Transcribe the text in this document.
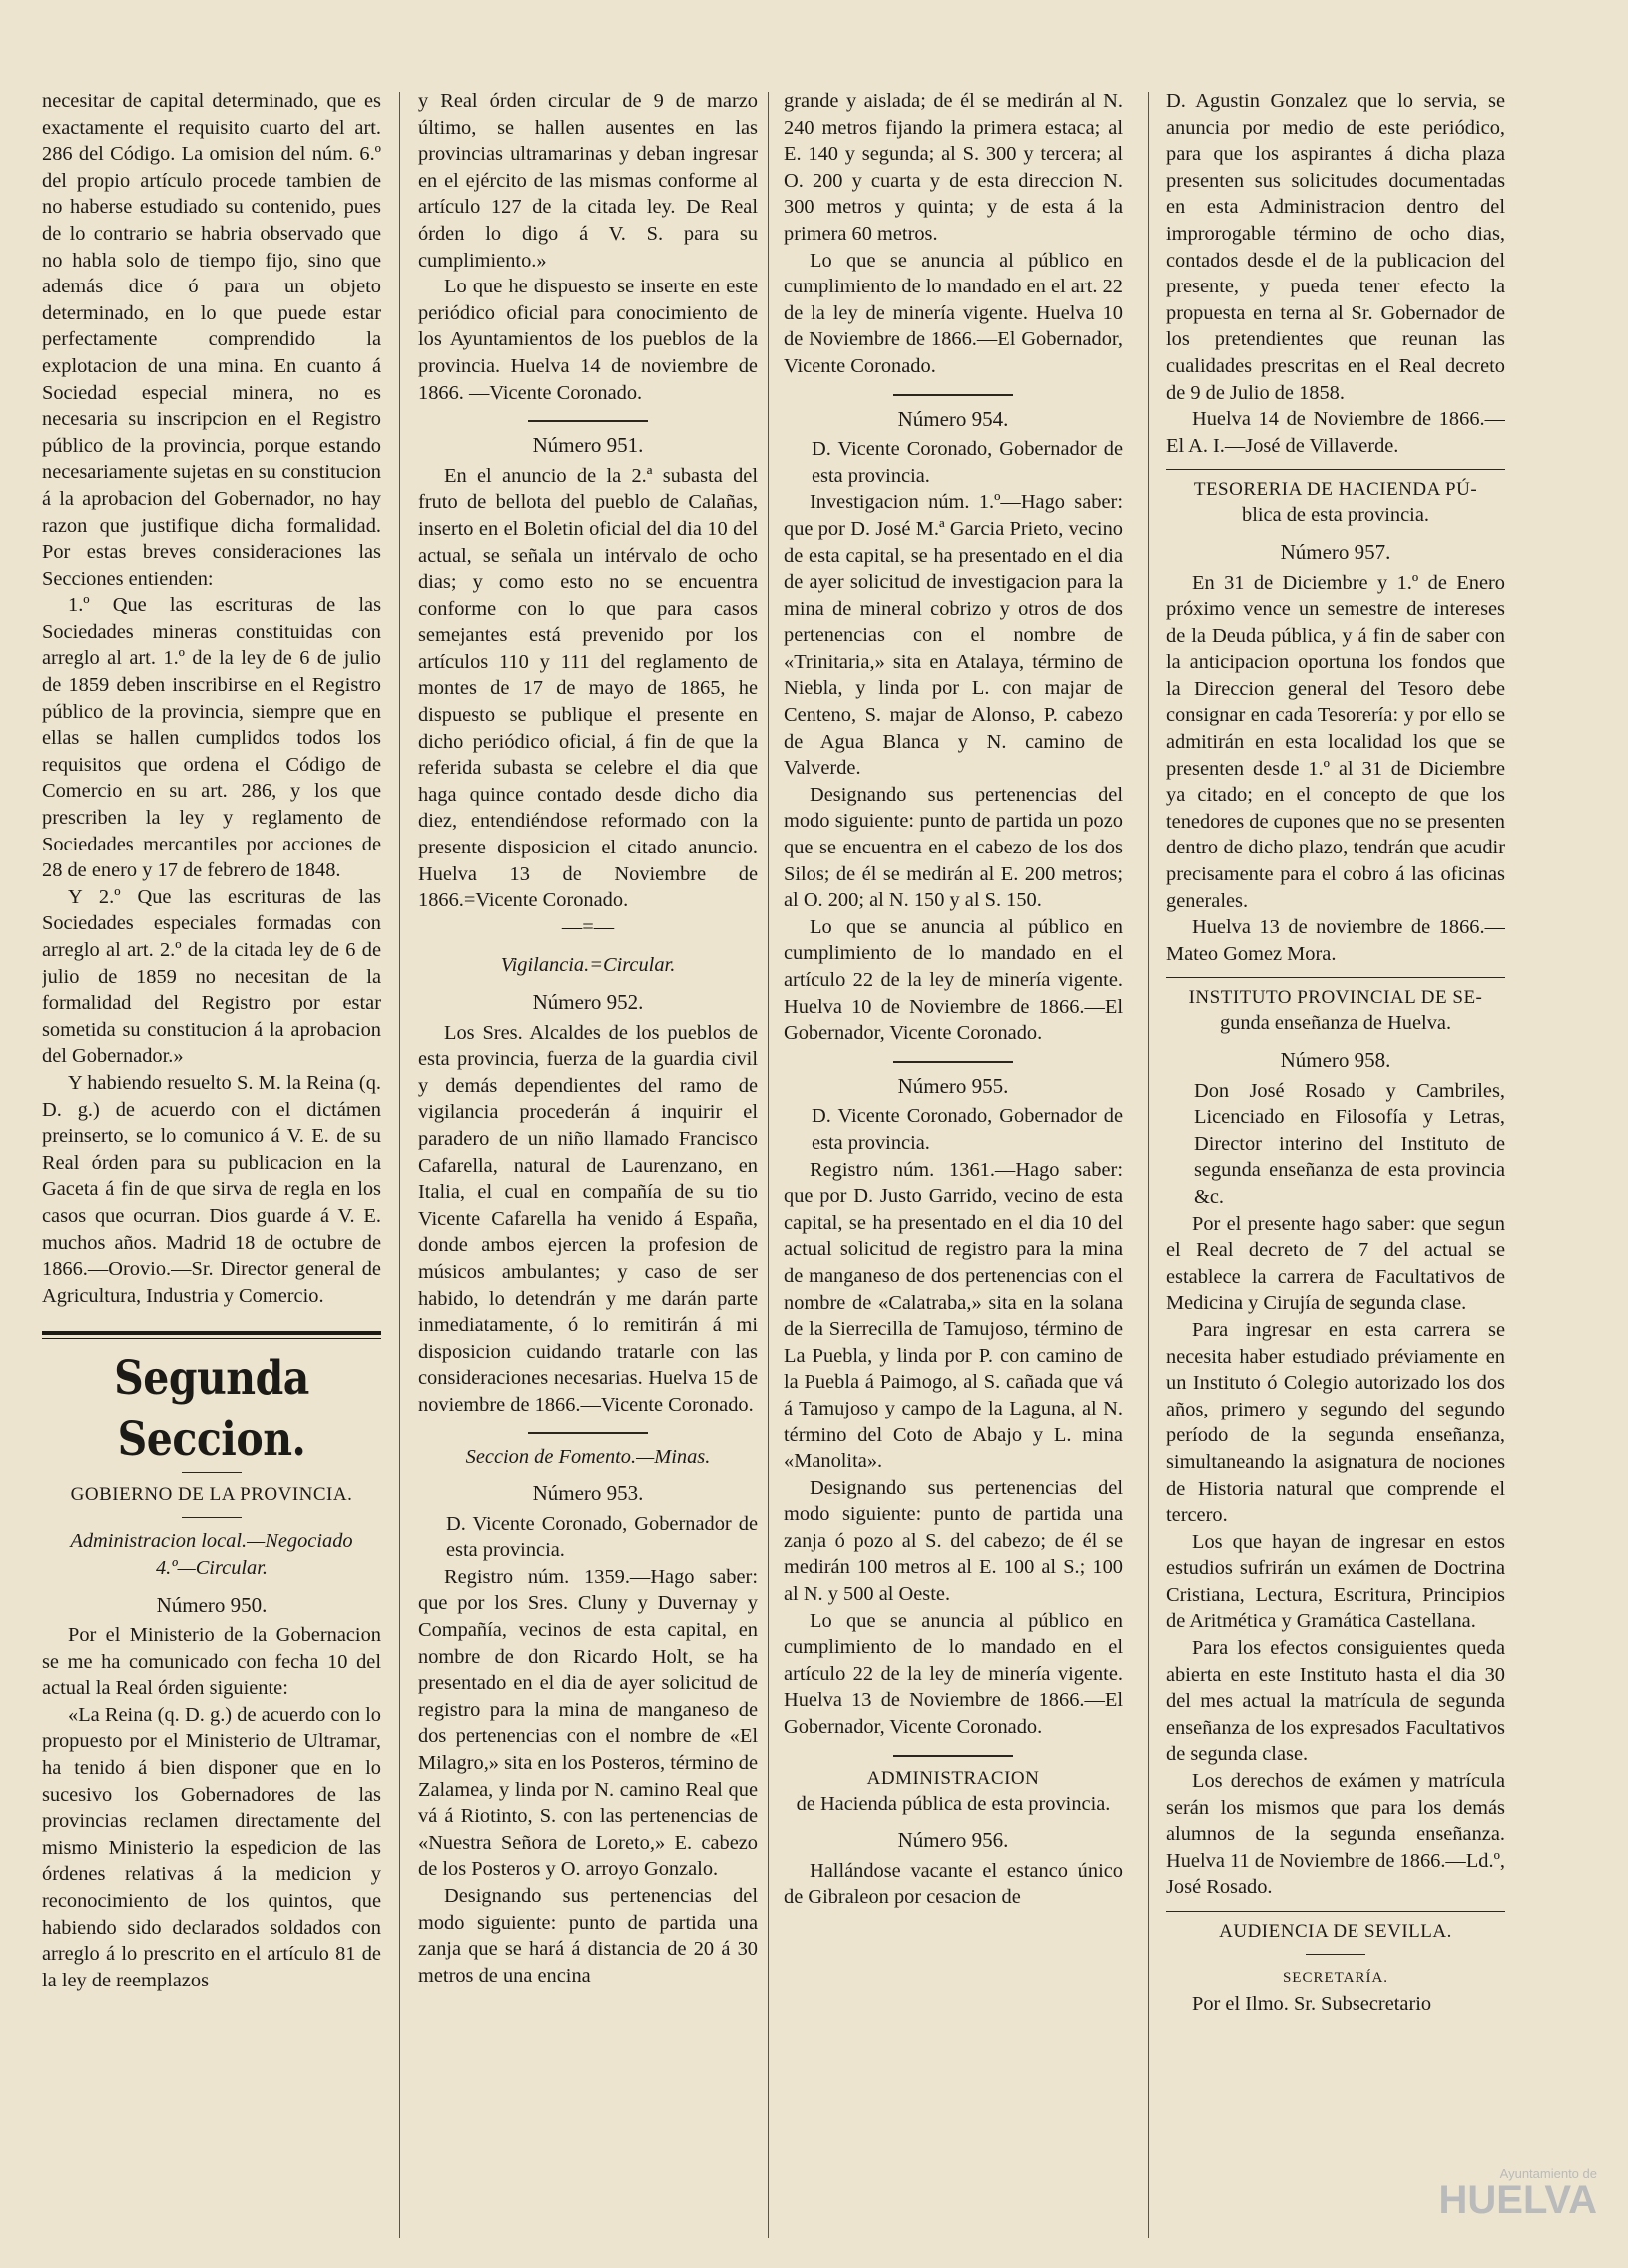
necesitar de capital determinado, que es exactamente el requisito cuarto del art. 286 del Código. La omision del núm. 6.º del propio artículo procede tambien de no haberse estudiado su contenido, pues de lo contrario se habria observado que no habla solo de tiempo fijo, sino que además dice ó para un objeto determinado, en lo que puede estar perfectamente comprendido la explotacion de una mina. En cuanto á Sociedad especial minera, no es necesaria su inscripcion en el Registro público de la provincia, porque estando necesariamente sujetas en su constitucion á la aprobacion del Gobernador, no hay razon que justifique dicha formalidad. Por estas breves consideraciones las Secciones entienden:

1.º Que las escrituras de las Sociedades mineras constituidas con arreglo al art. 1.º de la ley de 6 de julio de 1859 deben inscribirse en el Registro público de la provincia, siempre que en ellas se hallen cumplidos todos los requisitos que ordena el Código de Comercio en su art. 286, y los que prescriben la ley y reglamento de Sociedades mercantiles por acciones de 28 de enero y 17 de febrero de 1848.

Y 2.º Que las escrituras de las Sociedades especiales formadas con arreglo al art. 2.º de la citada ley de 6 de julio de 1859 no necesitan de la formalidad del Registro por estar sometida su constitucion á la aprobacion del Gobernador.»

Y habiendo resuelto S. M. la Reina (q. D. g.) de acuerdo con el dictámen preinserto, se lo comunico á V. E. de su Real órden para su publicacion en la Gaceta á fin de que sirva de regla en los casos que ocurran. Dios guarde á V. E. muchos años. Madrid 18 de octubre de 1866.—Orovio.—Sr. Director general de Agricultura, Industria y Comercio.

Segunda Seccion.
GOBIERNO DE LA PROVINCIA.
Administracion local.—Negociado
4.º—Circular.
Número 950.

Por el Ministerio de la Gobernacion se me ha comunicado con fecha 10 del actual la Real órden siguiente:

«La Reina (q. D. g.) de acuerdo con lo propuesto por el Ministerio de Ultramar, ha tenido á bien disponer que en lo sucesivo los Gobernadores de las provincias reclamen directamente del mismo Ministerio la espedicion de las órdenes relativas á la medicion y reconocimiento de los quintos, que habiendo sido declarados soldados con arreglo á lo prescrito en el artículo 81 de la ley de reemplazos

y Real órden circular de 9 de marzo último, se hallen ausentes en las provincias ultramarinas y deban ingresar en el ejército de las mismas conforme al artículo 127 de la citada ley. De Real órden lo digo á V. S. para su cumplimiento.»

Lo que he dispuesto se inserte en este periódico oficial para conocimiento de los Ayuntamientos de los pueblos de la provincia. Huelva 14 de noviembre de 1866. —Vicente Coronado.

Número 951.

En el anuncio de la 2.ª subasta del fruto de bellota del pueblo de Calañas, inserto en el Boletin oficial del dia 10 del actual, se señala un intérvalo de ocho dias; y como esto no se encuentra conforme con lo que para casos semejantes está prevenido por los artículos 110 y 111 del reglamento de montes de 17 de mayo de 1865, he dispuesto se publique el presente en dicho periódico oficial, á fin de que la referida subasta se celebre el dia que haga quince contado desde dicho dia diez, entendiéndose reformado con la presente disposicion el citado anuncio. Huelva 13 de Noviembre de 1866.=Vicente Coronado.

—=—
Vigilancia.=Circular.
Número 952.

Los Sres. Alcaldes de los pueblos de esta provincia, fuerza de la guardia civil y demás dependientes del ramo de vigilancia procederán á inquirir el paradero de un niño llamado Francisco Cafarella, natural de Laurenzano, en Italia, el cual en compañía de su tio Vicente Cafarella ha venido á España, donde ambos ejercen la profesion de músicos ambulantes; y caso de ser habido, lo detendrán y me darán parte inmediatamente, ó lo remitirán á mi disposicion cuidando tratarle con las consideraciones necesarias. Huelva 15 de noviembre de 1866.—Vicente Coronado.

Seccion de Fomento.—Minas.
Número 953.

D. Vicente Coronado, Gobernador de esta provincia.

Registro núm. 1359.—Hago saber: que por los Sres. Cluny y Duvernay y Compañía, vecinos de esta capital, en nombre de don Ricardo Holt, se ha presentado en el dia de ayer solicitud de registro para la mina de manganeso de dos pertenencias con el nombre de «El Milagro,» sita en los Posteros, término de Zalamea, y linda por N. camino Real que vá á Riotinto, S. con las pertenencias de «Nuestra Señora de Loreto,» E. cabezo de los Posteros y O. arroyo Gonzalo.

Designando sus pertenencias del modo siguiente: punto de partida una zanja que se hará á distancia de 20 á 30 metros de una encina

grande y aislada; de él se medirán al N. 240 metros fijando la primera estaca; al E. 140 y segunda; al S. 300 y tercera; al O. 200 y cuarta y de esta direccion N. 300 metros y quinta; y de esta á la primera 60 metros.

Lo que se anuncia al público en cumplimiento de lo mandado en el art. 22 de la ley de minería vigente. Huelva 10 de Noviembre de 1866.—El Gobernador, Vicente Coronado.

Número 954.

D. Vicente Coronado, Gobernador de esta provincia.

Investigacion núm. 1.º—Hago saber: que por D. José M.ª Garcia Prieto, vecino de esta capital, se ha presentado en el dia de ayer solicitud de investigacion para la mina de mineral cobrizo y otros de dos pertenencias con el nombre de «Trinitaria,» sita en Atalaya, término de Niebla, y linda por L. con majar de Centeno, S. majar de Alonso, P. cabezo de Agua Blanca y N. camino de Valverde.

Designando sus pertenencias del modo siguiente: punto de partida un pozo que se encuentra en el cabezo de los dos Silos; de él se medirán al E. 200 metros; al O. 200; al N. 150 y al S. 150.

Lo que se anuncia al público en cumplimiento de lo mandado en el artículo 22 de la ley de minería vigente. Huelva 10 de Noviembre de 1866.—El Gobernador, Vicente Coronado.

Número 955.

D. Vicente Coronado, Gobernador de esta provincia.

Registro núm. 1361.—Hago saber: que por D. Justo Garrido, vecino de esta capital, se ha presentado en el dia 10 del actual solicitud de registro para la mina de manganeso de dos pertenencias con el nombre de «Calatraba,» sita en la solana de la Sierrecilla de Tamujoso, término de La Puebla, y linda por P. con camino de la Puebla á Paimogo, al S. cañada que vá á Tamujoso y campo de la Laguna, al N. término del Coto de Abajo y L. mina «Manolita».

Designando sus pertenencias del modo siguiente: punto de partida una zanja ó pozo al S. del cabezo; de él se medirán 100 metros al E. 100 al S.; 100 al N. y 500 al Oeste.

Lo que se anuncia al público en cumplimiento de lo mandado en el artículo 22 de la ley de minería vigente. Huelva 13 de Noviembre de 1866.—El Gobernador, Vicente Coronado.

ADMINISTRACION
de Hacienda pública de esta provincia.
Número 956.

Hallándose vacante el estanco único de Gibraleon por cesacion de

D. Agustin Gonzalez que lo servia, se anuncia por medio de este periódico, para que los aspirantes á dicha plaza presenten sus solicitudes documentadas en esta Administracion dentro del improrogable término de ocho dias, contados desde el de la publicacion del presente, y pueda tener efecto la propuesta en terna al Sr. Gobernador de los pretendientes que reunan las cualidades prescritas en el Real decreto de 9 de Julio de 1858.

Huelva 14 de Noviembre de 1866.—El A. I.—José de Villaverde.

TESORERIA DE HACIENDA PÚ-
blica de esta provincia.
Número 957.

En 31 de Diciembre y 1.º de Enero próximo vence un semestre de intereses de la Deuda pública, y á fin de saber con la anticipacion oportuna los fondos que la Direccion general del Tesoro debe consignar en cada Tesorería: y por ello se admitirán en esta localidad los que se presenten desde 1.º al 31 de Diciembre ya citado; en el concepto de que los tenedores de cupones que no se presenten dentro de dicho plazo, tendrán que acudir precisamente para el cobro á las oficinas generales.

Huelva 13 de noviembre de 1866.—Mateo Gomez Mora.

INSTITUTO PROVINCIAL DE SE-
gunda enseñanza de Huelva.
Número 958.

Don José Rosado y Cambriles, Licenciado en Filosofía y Letras, Director interino del Instituto de segunda enseñanza de esta provincia &c.

Por el presente hago saber: que segun el Real decreto de 7 del actual se establece la carrera de Facultativos de Medicina y Cirujía de segunda clase.

Para ingresar en esta carrera se necesita haber estudiado préviamente en un Instituto ó Colegio autorizado los dos años, primero y segundo del segundo período de la segunda enseñanza, simultaneando la asignatura de nociones de Historia natural que comprende el tercero.

Los que hayan de ingresar en estos estudios sufrirán un exámen de Doctrina Cristiana, Lectura, Escritura, Principios de Aritmética y Gramática Castellana.

Para los efectos consiguientes queda abierta en este Instituto hasta el dia 30 del mes actual la matrícula de segunda enseñanza de los expresados Facultativos de segunda clase.

Los derechos de exámen y matrícula serán los mismos que para los demás alumnos de la segunda enseñanza. Huelva 11 de Noviembre de 1866.—Ld.º, José Rosado.

AUDIENCIA DE SEVILLA.
SECRETARÍA.

Por el Ilmo. Sr. Subsecretario

Ayuntamiento de
HUELVA
